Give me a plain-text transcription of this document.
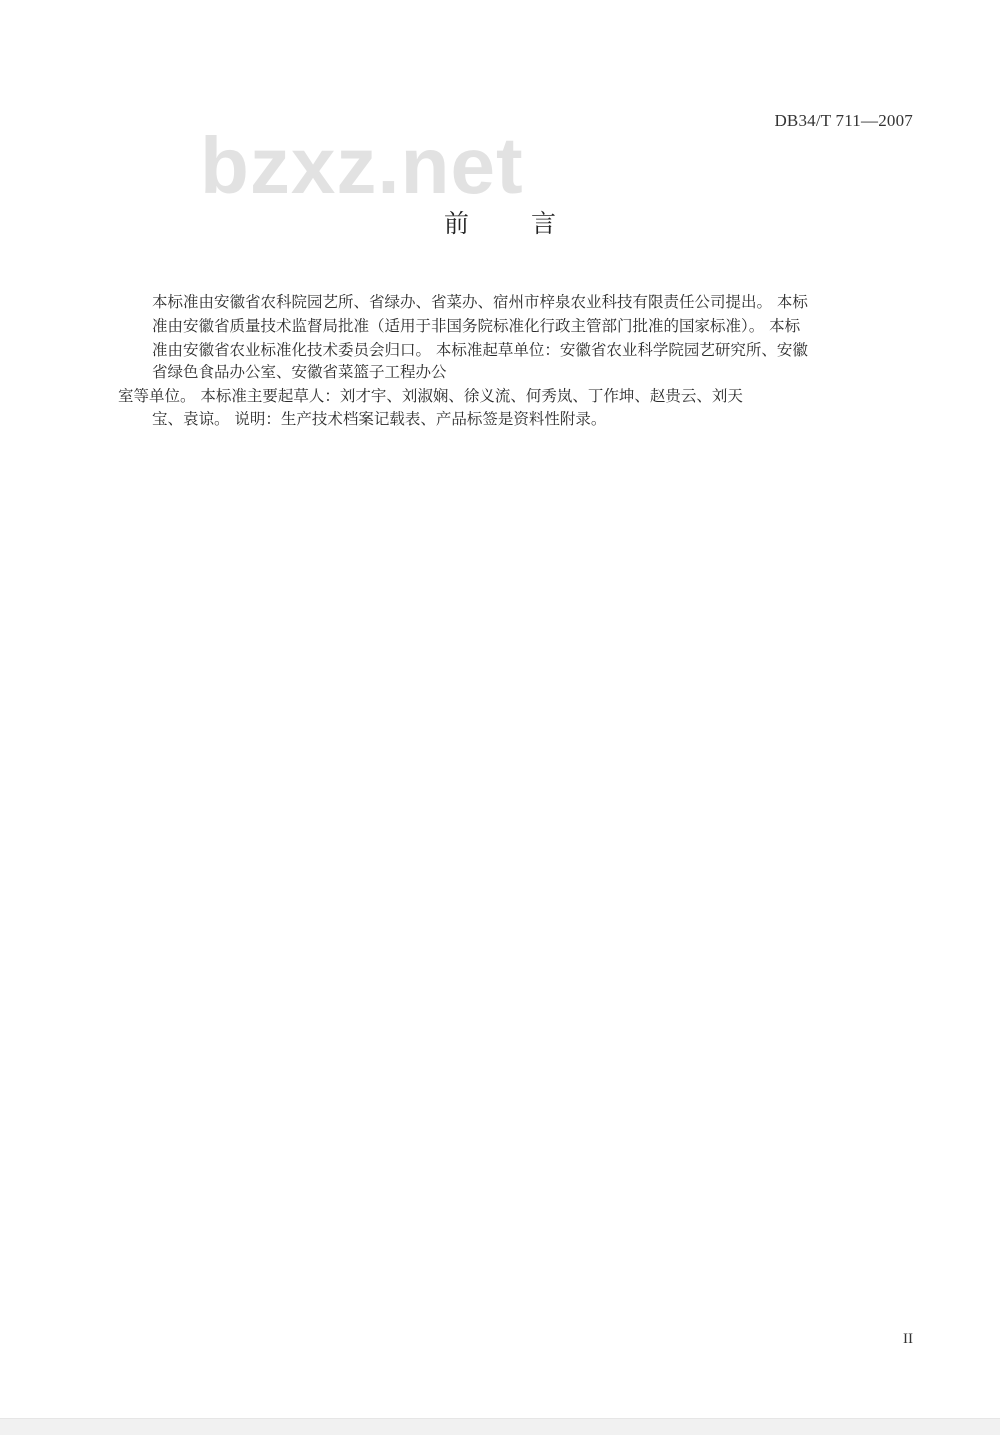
DB34/T 711—2007
bzxz.net
前 言
本标准由安徽省农科院园艺所、省绿办、省菜办、宿州市梓泉农业科技有限责任公司提出。 本标
准由安徽省质量技术监督局批准（适用于非国务院标准化行政主管部门批准的国家标准）。 本标
准由安徽省农业标准化技术委员会归口。 本标准起草单位：安徽省农业科学院园艺研究所、安徽
省绿色食品办公室、安徽省菜篮子工程办公
室等单位。 本标准主要起草人：刘才宇、刘淑娴、徐义流、何秀岚、丁作坤、赵贵云、刘天
宝、袁谅。 说明：生产技术档案记载表、产品标签是资料性附录。
II
